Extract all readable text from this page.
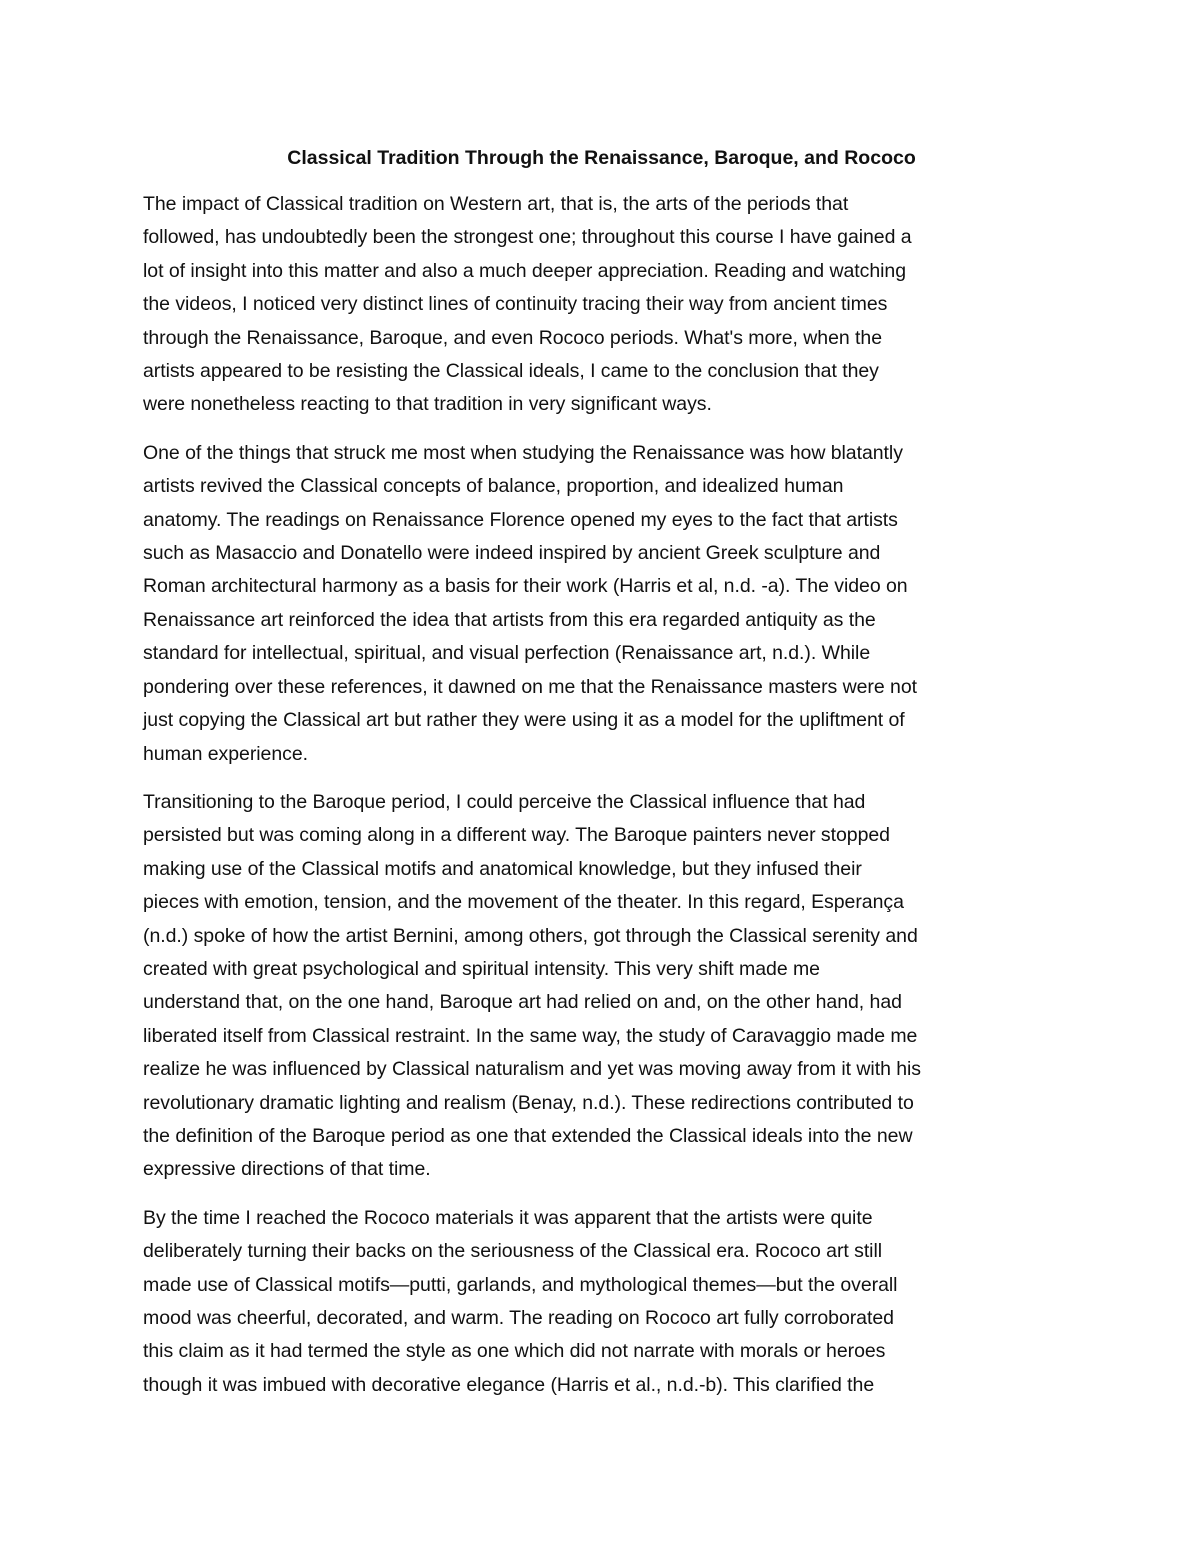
Classical Tradition Through the Renaissance, Baroque, and Rococo

The impact of Classical tradition on Western art, that is, the arts of the periods that
followed, has undoubtedly been the strongest one; throughout this course I have gained a
lot of insight into this matter and also a much deeper appreciation. Reading and watching
the videos, I noticed very distinct lines of continuity tracing their way from ancient times
through the Renaissance, Baroque, and even Rococo periods. What's more, when the
artists appeared to be resisting the Classical ideals, I came to the conclusion that they
were nonetheless reacting to that tradition in very significant ways.

One of the things that struck me most when studying the Renaissance was how blatantly
artists revived the Classical concepts of balance, proportion, and idealized human
anatomy. The readings on Renaissance Florence opened my eyes to the fact that artists
such as Masaccio and Donatello were indeed inspired by ancient Greek sculpture and
Roman architectural harmony as a basis for their work (Harris et al, n.d. -a). The video on
Renaissance art reinforced the idea that artists from this era regarded antiquity as the
standard for intellectual, spiritual, and visual perfection (Renaissance art, n.d.). While
pondering over these references, it dawned on me that the Renaissance masters were not
just copying the Classical art but rather they were using it as a model for the upliftment of
human experience.

Transitioning to the Baroque period, I could perceive the Classical influence that had
persisted but was coming along in a different way. The Baroque painters never stopped
making use of the Classical motifs and anatomical knowledge, but they infused their
pieces with emotion, tension, and the movement of the theater. In this regard, Esperança
(n.d.) spoke of how the artist Bernini, among others, got through the Classical serenity and
created with great psychological and spiritual intensity. This very shift made me
understand that, on the one hand, Baroque art had relied on and, on the other hand, had
liberated itself from Classical restraint. In the same way, the study of Caravaggio made me
realize he was influenced by Classical naturalism and yet was moving away from it with his
revolutionary dramatic lighting and realism (Benay, n.d.). These redirections contributed to
the definition of the Baroque period as one that extended the Classical ideals into the new
expressive directions of that time.

By the time I reached the Rococo materials it was apparent that the artists were quite
deliberately turning their backs on the seriousness of the Classical era. Rococo art still
made use of Classical motifs—putti, garlands, and mythological themes—but the overall
mood was cheerful, decorated, and warm. The reading on Rococo art fully corroborated
this claim as it had termed the style as one which did not narrate with morals or heroes
though it was imbued with decorative elegance (Harris et al., n.d.-b). This clarified the
